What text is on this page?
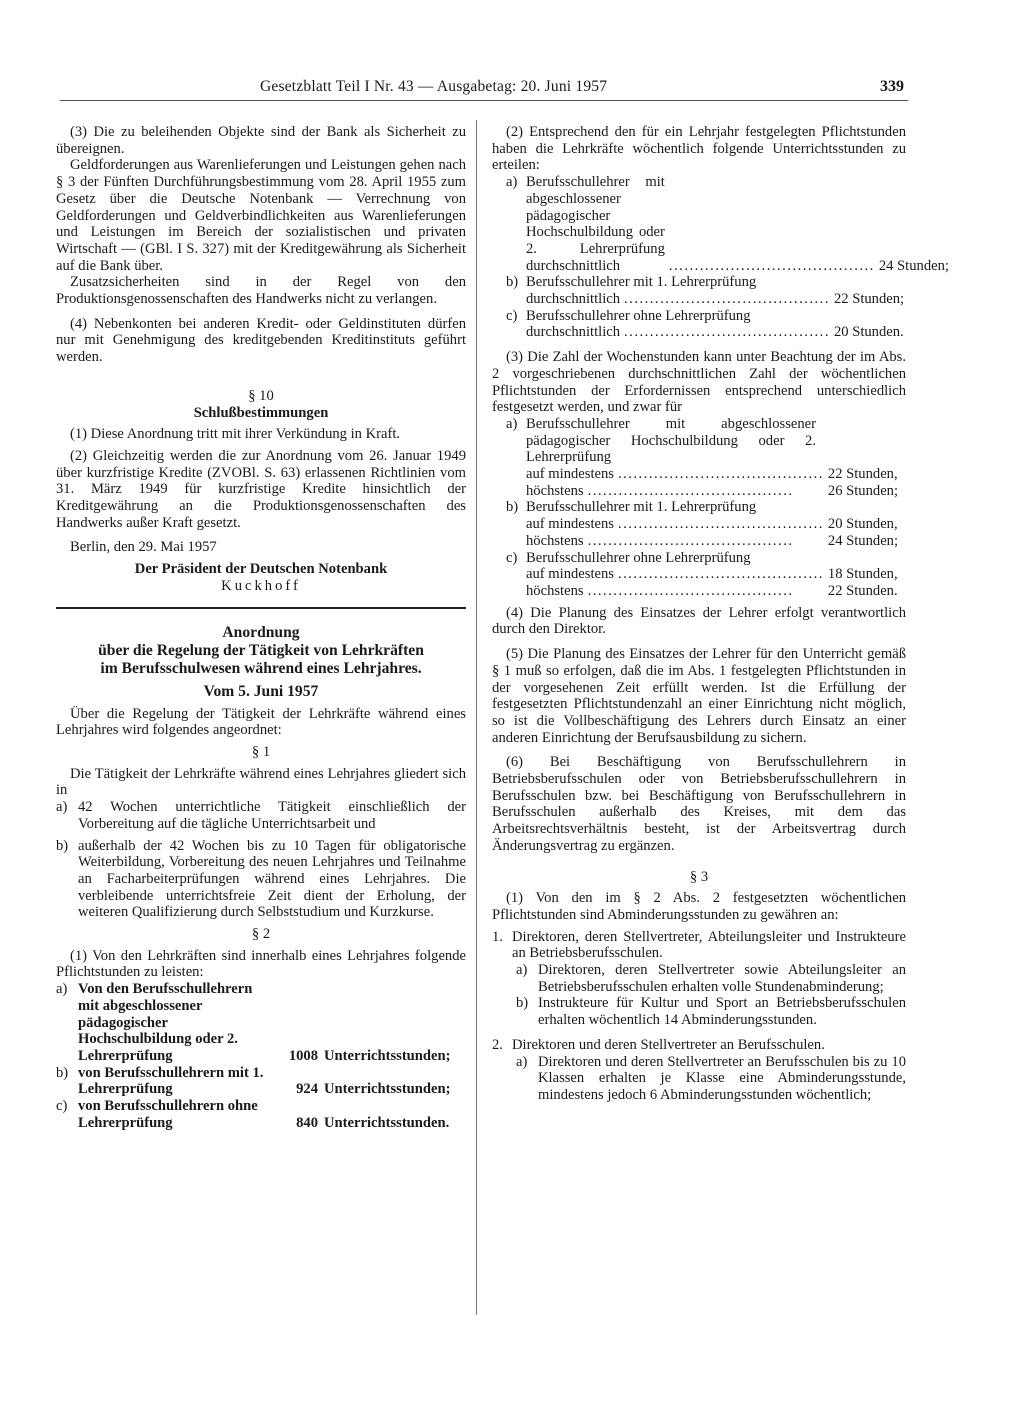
Gesetzblatt Teil I Nr. 43 — Ausgabetag: 20. Juni 1957	339

(3) Die zu beleihenden Objekte sind der Bank als Sicherheit zu übereignen.

Geldforderungen aus Warenlieferungen und Leistungen gehen nach § 3 der Fünften Durchführungsbestimmung vom 28. April 1955 zum Gesetz über die Deutsche Notenbank — Verrechnung von Geldforderungen und Geldverbindlichkeiten aus Warenlieferungen und Leistungen im Bereich der sozialistischen und privaten Wirtschaft — (GBl. I S. 327) mit der Kreditgewährung als Sicherheit auf die Bank über.

Zusatzsicherheiten sind in der Regel von den Produktionsgenossenschaften des Handwerks nicht zu verlangen.

(4) Nebenkonten bei anderen Kredit- oder Geldinstituten dürfen nur mit Genehmigung des kreditgebenden Kreditinstituts geführt werden.

§ 10
Schlußbestimmungen

(1) Diese Anordnung tritt mit ihrer Verkündung in Kraft.

(2) Gleichzeitig werden die zur Anordnung vom 26. Januar 1949 über kurzfristige Kredite (ZVOBl. S. 63) erlassenen Richtlinien vom 31. März 1949 für kurzfristige Kredite hinsichtlich der Kreditgewährung an die Produktionsgenossenschaften des Handwerks außer Kraft gesetzt.

Berlin, den 29. Mai 1957

Der Präsident der Deutschen Notenbank
Kuckhoff
Anordnung
über die Regelung der Tätigkeit von Lehrkräften
im Berufsschulwesen während eines Lehrjahres.
Vom 5. Juni 1957

Über die Regelung der Tätigkeit der Lehrkräfte während eines Lehrjahres wird folgendes angeordnet:

§ 1

Die Tätigkeit der Lehrkräfte während eines Lehrjahres gliedert sich in

a) 42 Wochen unterrichtliche Tätigkeit einschließlich der Vorbereitung auf die tägliche Unterrichtsarbeit und
b) außerhalb der 42 Wochen bis zu 10 Tagen für obligatorische Weiterbildung, Vorbereitung des neuen Lehrjahres und Teilnahme an Facharbeiterprüfungen während eines Lehrjahres. Die verbleibende unterrichtsfreie Zeit dient der Erholung, der weiteren Qualifizierung durch Selbststudium und Kurzkurse.
§ 2

(1) Von den Lehrkräften sind innerhalb eines Lehrjahres folgende Pflichtstunden zu leisten:

a) Von den Berufsschullehrern mit abgeschlossener pädagogischer Hochschulbildung oder 2. Lehrerprüfung	1008 Unterrichtsstunden;
b) von Berufsschullehrern mit 1. Lehrerprüfung	924 Unterrichtsstunden;
c) von Berufsschullehrern ohne Lehrerprüfung	840 Unterrichtsstunden.

(2) Entsprechend den für ein Lehrjahr festgelegten Pflichtstunden haben die Lehrkräfte wöchentlich folgende Unterrichtsstunden zu erteilen:

a) Berufsschullehrer mit abgeschlossener pädagogischer Hochschulbildung oder 2. Lehrerprüfung durchschnittlich	........................................ 24 Stunden;
b) Berufsschullehrer mit 1. Lehrerprüfung
durchschnittlich ........................................ 22 Stunden;
c) Berufsschullehrer ohne Lehrerprüfung
durchschnittlich ........................................ 20 Stunden.

(3) Die Zahl der Wochenstunden kann unter Beachtung der im Abs. 2 vorgeschriebenen durchschnittlichen Zahl der wöchentlichen Pflichtstunden der Erfordernissen entsprechend unterschiedlich festgesetzt werden, und zwar für

a) Berufsschullehrer mit abgeschlossener pädagogischer Hochschulbildung oder 2. Lehrerprüfung
auf mindestens ........................................ 22 Stunden,
höchstens ........................................	26 Stunden;
b) Berufsschullehrer mit 1. Lehrerprüfung
auf mindestens ........................................ 20 Stunden,
höchstens ........................................	24 Stunden;
c) Berufsschullehrer ohne Lehrerprüfung
auf mindestens ........................................ 18 Stunden,
höchstens ........................................	22 Stunden.

(4) Die Planung des Einsatzes der Lehrer erfolgt verantwortlich durch den Direktor.

(5) Die Planung des Einsatzes der Lehrer für den Unterricht gemäß § 1 muß so erfolgen, daß die im Abs. 1 festgelegten Pflichtstunden in der vorgesehenen Zeit erfüllt werden. Ist die Erfüllung der festgesetzten Pflichtstundenzahl an einer Einrichtung nicht möglich, so ist die Vollbeschäftigung des Lehrers durch Einsatz an einer anderen Einrichtung der Berufsausbildung zu sichern.

(6) Bei Beschäftigung von Berufsschullehrern in Betriebsberufsschulen oder von Betriebsberufsschullehrern in Berufsschulen bzw. bei Beschäftigung von Berufsschullehrern in Berufsschulen außerhalb des Kreises, mit dem das Arbeitsrechtsverhältnis besteht, ist der Arbeitsvertrag durch Änderungsvertrag zu ergänzen.

§ 3

(1) Von den im § 2 Abs. 2 festgesetzten wöchentlichen Pflichtstunden sind Abminderungsstunden zu gewähren an:

1. Direktoren, deren Stellvertreter, Abteilungsleiter und Instrukteure an Betriebsberufsschulen.
a) Direktoren, deren Stellvertreter sowie Abteilungsleiter an Betriebsberufsschulen erhalten volle Stundenabminderung;
b) Instrukteure für Kultur und Sport an Betriebsberufsschulen erhalten wöchentlich 14 Abminderungsstunden.
2. Direktoren und deren Stellvertreter an Berufsschulen.
a) Direktoren und deren Stellvertreter an Berufsschulen bis zu 10 Klassen erhalten je Klasse eine Abminderungsstunde, mindestens jedoch 6 Abminderungsstunden wöchentlich;
